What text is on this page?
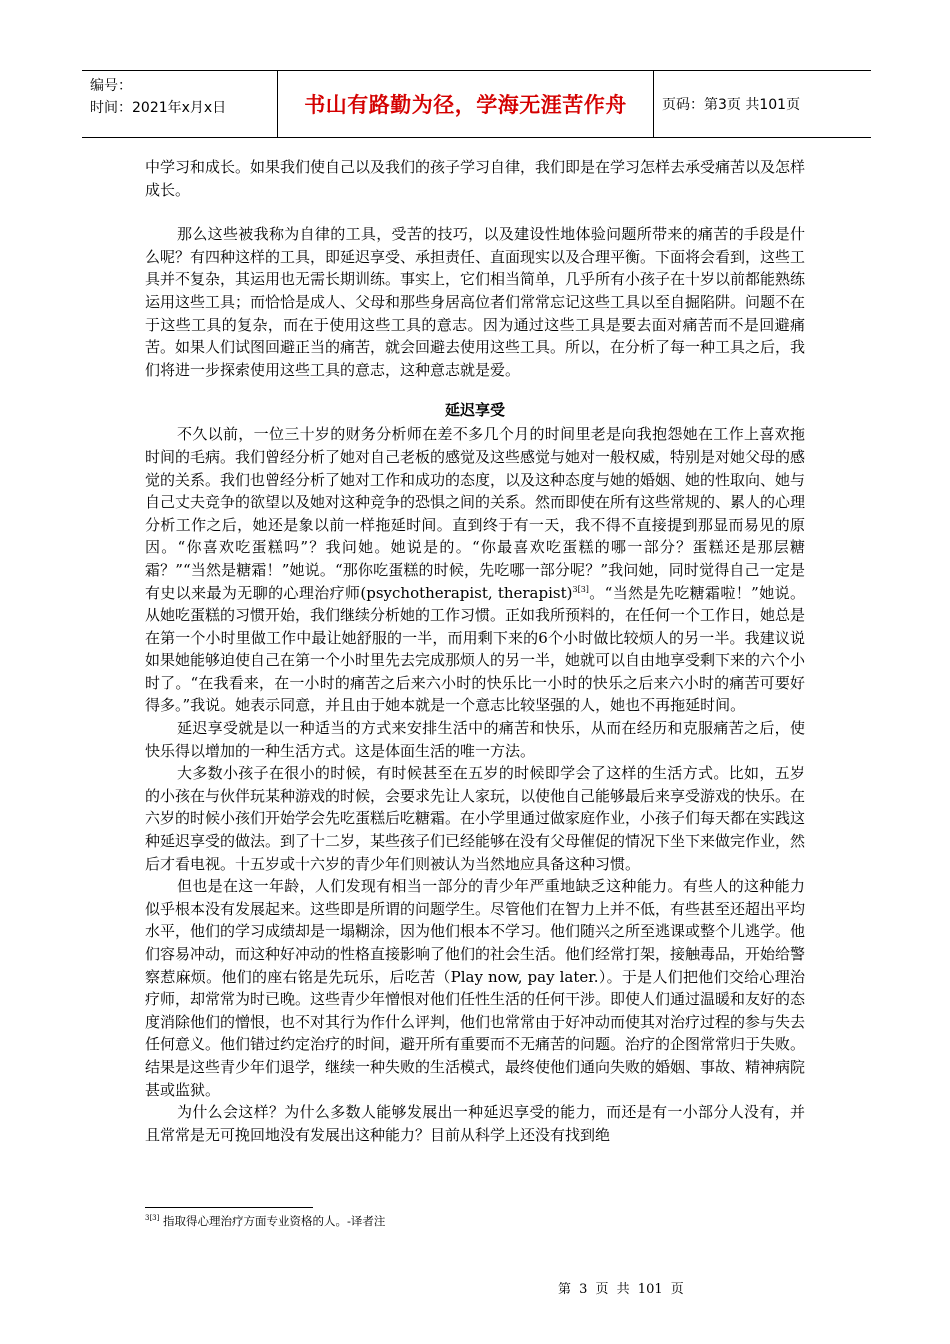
编号：
时间：2021年x月x日	书山有路勤为径，学海无涯苦作舟	页码：第3页 共101页

中学习和成长。如果我们使自己以及我们的孩子学习自律，我们即是在学习怎样去承受痛苦以及怎样成长。

那么这些被我称为自律的工具，受苦的技巧，以及建设性地体验问题所带来的痛苦的手段是什么呢？有四种这样的工具，即延迟享受、承担责任、直面现实以及合理平衡。下面将会看到，这些工具并不复杂，其运用也无需长期训练。事实上，它们相当简单，几乎所有小孩子在十岁以前都能熟练运用这些工具；而恰恰是成人、父母和那些身居高位者们常常忘记这些工具以至自掘陷阱。问题不在于这些工具的复杂，而在于使用这些工具的意志。因为通过这些工具是要去面对痛苦而不是回避痛苦。如果人们试图回避正当的痛苦，就会回避去使用这些工具。所以，在分析了每一种工具之后，我们将进一步探索使用这些工具的意志，这种意志就是爱。

延迟享受

不久以前，一位三十岁的财务分析师在差不多几个月的时间里老是向我抱怨她在工作上喜欢拖时间的毛病。我们曾经分析了她对自己老板的感觉及这些感觉与她对一般权威，特别是对她父母的感觉的关系。我们也曾经分析了她对工作和成功的态度，以及这种态度与她的婚姻、她的性取向、她与自己丈夫竞争的欲望以及她对这种竞争的恐惧之间的关系。然而即使在所有这些常规的、累人的心理分析工作之后，她还是象以前一样拖延时间。直到终于有一天，我不得不直接提到那显而易见的原因。“你喜欢吃蛋糕吗”？我问她。她说是的。“你最喜欢吃蛋糕的哪一部分？蛋糕还是那层糖霜？”“当然是糖霜！”她说。“那你吃蛋糕的时候，先吃哪一部分呢？”我问她，同时觉得自己一定是有史以来最为无聊的心理治疗师(psychotherapist, therapist)$^{3[3]}$。“当然是先吃糖霜啦！”她说。从她吃蛋糕的习惯开始，我们继续分析她的工作习惯。正如我所预料的，在任何一个工作日，她总是在第一个小时里做工作中最让她舒服的一半，而用剩下来的6个小时做比较烦人的另一半。我建议说如果她能够迫使自己在第一个小时里先去完成那烦人的另一半，她就可以自由地享受剩下来的六个小时了。“在我看来，在一小时的痛苦之后来六小时的快乐比一小时的快乐之后来六小时的痛苦可要好得多。”我说。她表示同意，并且由于她本就是一个意志比较坚强的人，她也不再拖延时间。

延迟享受就是以一种适当的方式来安排生活中的痛苦和快乐，从而在经历和克服痛苦之后，使快乐得以增加的一种生活方式。这是体面生活的唯一方法。

大多数小孩子在很小的时候，有时候甚至在五岁的时候即学会了这样的生活方式。比如，五岁的小孩在与伙伴玩某种游戏的时候，会要求先让人家玩，以使他自己能够最后来享受游戏的快乐。在六岁的时候小孩们开始学会先吃蛋糕后吃糖霜。在小学里通过做家庭作业，小孩子们每天都在实践这种延迟享受的做法。到了十二岁，某些孩子们已经能够在没有父母催促的情况下坐下来做完作业，然后才看电视。十五岁或十六岁的青少年们则被认为当然地应具备这种习惯。

但也是在这一年龄，人们发现有相当一部分的青少年严重地缺乏这种能力。有些人的这种能力似乎根本没有发展起来。这些即是所谓的问题学生。尽管他们在智力上并不低，有些甚至还超出平均水平，他们的学习成绩却是一塌糊涂，因为他们根本不学习。他们随兴之所至逃课或整个儿逃学。他们容易冲动，而这种好冲动的性格直接影响了他们的社会生活。他们经常打架，接触毒品，开始给警察惹麻烦。他们的座右铭是先玩乐，后吃苦（Play now, pay later.）。于是人们把他们交给心理治疗师，却常常为时已晚。这些青少年憎恨对他们任性生活的任何干涉。即使人们通过温暖和友好的态度消除他们的憎恨，也不对其行为作什么评判，他们也常常由于好冲动而使其对治疗过程的参与失去任何意义。他们错过约定治疗的时间，避开所有重要而不无痛苦的问题。治疗的企图常常归于失败。结果是这些青少年们退学，继续一种失败的生活模式，最终使他们通向失败的婚姻、事故、精神病院甚或监狱。

为什么会这样？为什么多数人能够发展出一种延迟享受的能力，而还是有一小部分人没有，并且常常是无可挽回地没有发展出这种能力？目前从科学上还没有找到绝

$^{3[3]}$ 指取得心理治疗方面专业资格的人。-译者注
第 3 页 共 101 页
